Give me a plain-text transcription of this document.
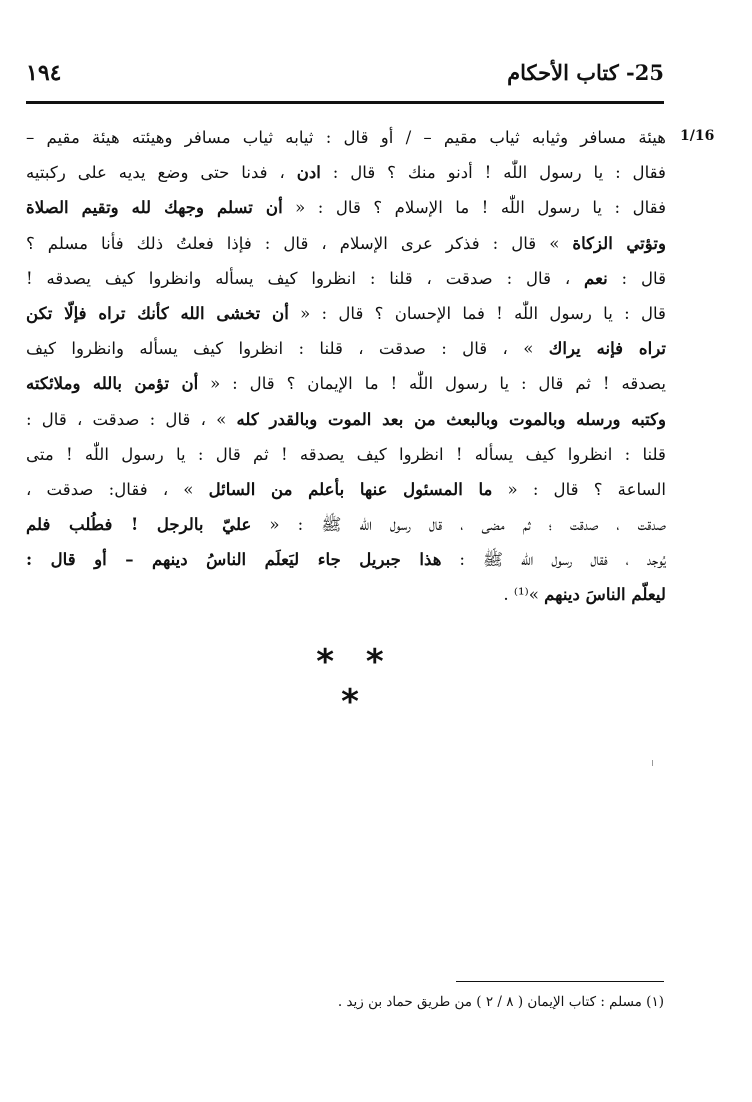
١٩٤	25- كتاب الأحكام
1/16
هيئة مسافر وثيابه ثياب مقيم – / أو قال : ثيابه ثياب مسافر وهيئته هيئة مقيم –
فقال : يا رسول اللّٰه ! أدنو منك ؟ قال : ادن ، فدنا حتى وضع يديه على ركبتيه
فقال : يا رسول اللّٰه ! ما الإسلام ؟ قال : « أن تسلم وجهك لله وتقيم الصلاة
وتؤتي الزكاة » قال : فذكر عرى الإسلام ، قال : فإذا فعلتُ ذلك فأنا مسلم ؟
قال : نعم ، قال : صدقت ، قلنا : انظروا كيف يسأله وانظروا كيف يصدقه !
قال : يا رسول اللّٰه ! فما الإحسان ؟ قال : « أن تخشى الله كأنك تراه فإلّا تكن
تراه فإنه يراك » ، قال : صدقت ، قلنا : انظروا كيف يسأله وانظروا كيف
يصدقه ! ثم قال : يا رسول اللّٰه ! ما الإيمان ؟ قال : « أن تؤمن بالله وملائكته
وكتبه ورسله وبالموت وبالبعث من بعد الموت وبالقدر كله » ، قال : صدقت ، قال :
قلنا : انظروا كيف يسأله ! انظروا كيف يصدقه ! ثم قال : يا رسول اللّٰه ! متى
الساعة ؟ قال : « ما المسئول عنها بأعلم من السائل » ، فقال: صدقت ،
صدقت ، صدقت ؛ ثم مضى ، قال رسول اللّٰه ﷺ : « عليّ بالرجل ! فطُلب فلم
يُوجد ، فقال رسول اللّٰه ﷺ : هذا جبريل جاء ليَعلَم الناسُ دينهم – أو قال :
ليعلّم الناسَ دينهم »⁽¹⁾ .
* * *
(١) مسلم : كتاب الإيمان ( ٨ / ٢ ) من طريق حماد بن زيد .
